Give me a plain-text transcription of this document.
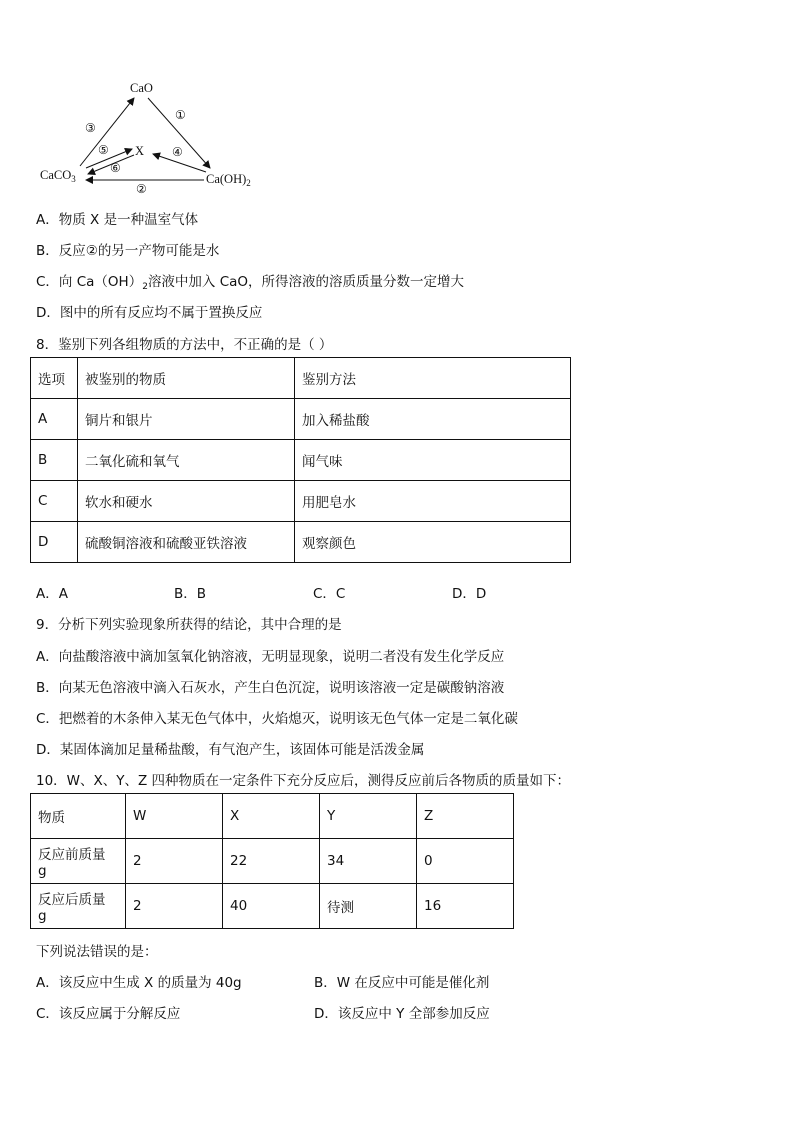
CaO
X
CaCO$_3$	$Ca(OH)_2$
③
①
④
⑤
⑥
②
A．物质 X 是一种温室气体
B．反应②的另一产物可能是水
C．向 $Ca(OH)_2$溶液中加入 CaO，所得溶液的溶质质量分数一定增大
D．图中的所有反应均不属于置换反应
8．鉴别下列各组物质的方法中，不正确的是（ ）
选项	被鉴别的物质	鉴别方法
A	铜片和银片	加入稀盐酸
B	二氧化硫和氧气	闻气味
C	软水和硬水	用肥皂水
D	硫酸铜溶液和硫酸亚铁溶液	观察颜色
A．A	B．B	C．C	D．D
9．分析下列实验现象所获得的结论，其中合理的是
A．向盐酸溶液中滴加氢氧化钠溶液，无明显现象，说明二者没有发生化学反应
B．向某无色溶液中滴入石灰水，产生白色沉淀，说明该溶液一定是碳酸钠溶液
C．把燃着的木条伸入某无色气体中，火焰熄灭，说明该无色气体一定是二氧化碳
D．某固体滴加足量稀盐酸，有气泡产生，该固体可能是活泼金属
10．W、X、Y、Z 四种物质在一定条件下充分反应后，测得反应前后各物质的质量如下：
物质	W	X	Y	Z
反应前质量 g	2	22	34	0
反应后质量 g	2	40	待测	16
下列说法错误的是：
A．该反应中生成 X 的质量为 40g	B．W 在反应中可能是催化剂
C．该反应属于分解反应	D．该反应中 Y 全部参加反应
